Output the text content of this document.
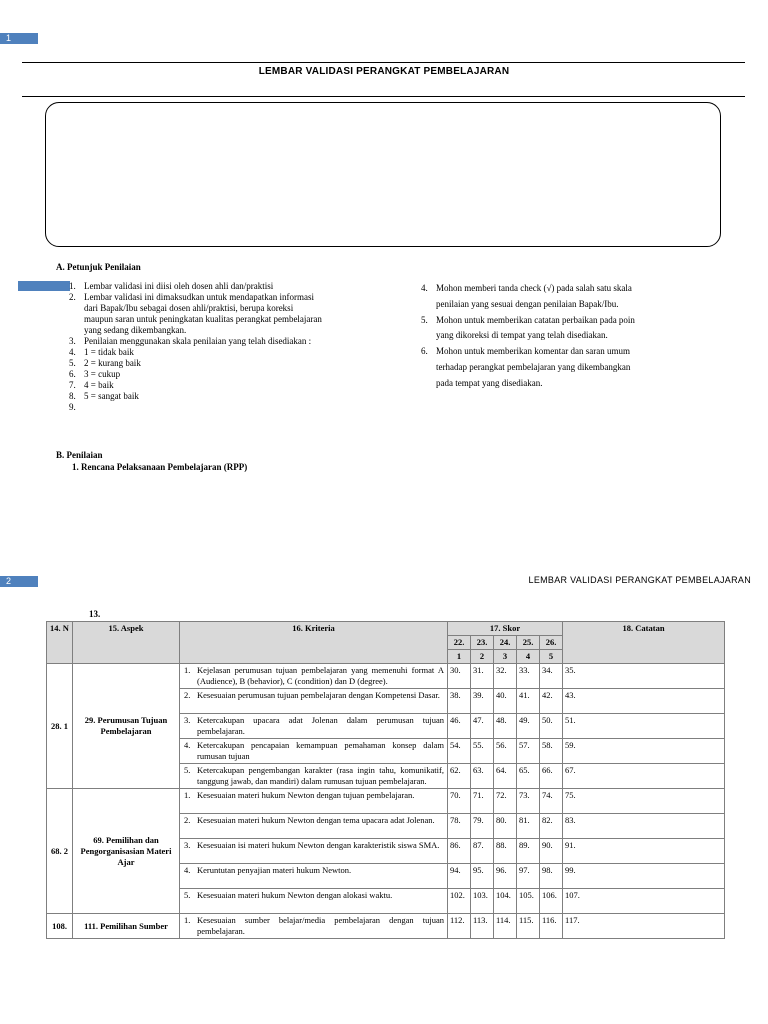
1
LEMBAR VALIDASI PERANGKAT PEMBELAJARAN
A. Petunjuk Penilaian
1. Lembar validasi ini diisi oleh dosen ahli dan/praktisi
2. Lembar validasi ini dimaksudkan untuk mendapatkan informasi
dari Bapak/Ibu sebagai dosen ahli/praktisi, berupa koreksi
maupun saran untuk peningkatan kualitas perangkat pembelajaran
yang sedang dikembangkan.
3. Penilaian menggunakan skala penilaian yang telah disediakan :
4. 1 = tidak baik
5. 2 = kurang baik
6. 3 = cukup
7. 4 = baik
8. 5 = sangat baik
9.
4. Mohon memberi tanda check (√) pada salah satu skala
penilaian yang sesuai dengan penilaian Bapak/Ibu.
5. Mohon untuk memberikan catatan perbaikan pada poin
yang dikoreksi di tempat yang telah disediakan.
6. Mohon untuk memberikan komentar dan saran umum
terhadap perangkat pembelajaran yang dikembangkan
pada tempat yang disediakan.
B. Penilaian
1. Rencana Pelaksanaan Pembelajaran (RPP)
2	LEMBAR VALIDASI PERANGKAT PEMBELAJARAN
13.
14. N	15. Aspek	16. Kriteria	17. Skor					18. Catatan
			22.	23.	24.	25.	26.	
			1	2	3	4	5	
28. 1	29. Perumusan Tujuan Pembelajaran	1. Kejelasan perumusan tujuan pembelajaran yang memenuhi format A (Audience), B (behavior), C (condition) dan D (degree).	30.	31.	32.	33.	34.	35.

		2. Kesesuaian perumusan tujuan pembelajaran dengan Kompetensi Dasar.	38.	39.	40.	41.	42.	43.

		3. Ketercakupan upacara adat Jolenan dalam perumusan tujuan pembelajaran.	46.	47.	48.	49.	50.	51.

		4. Ketercakupan pencapaian kemampuan pemahaman konsep dalam rumusan tujuan	54.	55.	56.	57.	58.	59.

		5. Ketercakupan pengembangan karakter (rasa ingin tahu, komunikatif, tanggung jawab, dan mandiri) dalam rumusan tujuan pembelajaran.	62.	63.	64.	65.	66.	67.
68. 2	69. Pemilihan dan Pengorganisasian Materi Ajar	1. Kesesuaian materi hukum Newton dengan tujuan pembelajaran.	70.	71.	72.	73.	74.	75.

		2. Kesesuaian materi hukum Newton dengan tema upacara adat Jolenan.	78.	79.	80.	81.	82.	83.

		3. Kesesuaian isi materi hukum Newton dengan karakteristik siswa SMA.	86.	87.	88.	89.	90.	91.

		4. Keruntutan penyajian materi hukum Newton.	94.	95.	96.	97.	98.	99.

		5. Kesesuaian materi hukum Newton dengan alokasi waktu.	102.	103.	104.	105.	106.	107.
108.	111. Pemilihan Sumber	1. Kesesuaian sumber belajar/media pembelajaran dengan tujuan pembelajaran.	112.	113.	114.	115.	116.	117.
